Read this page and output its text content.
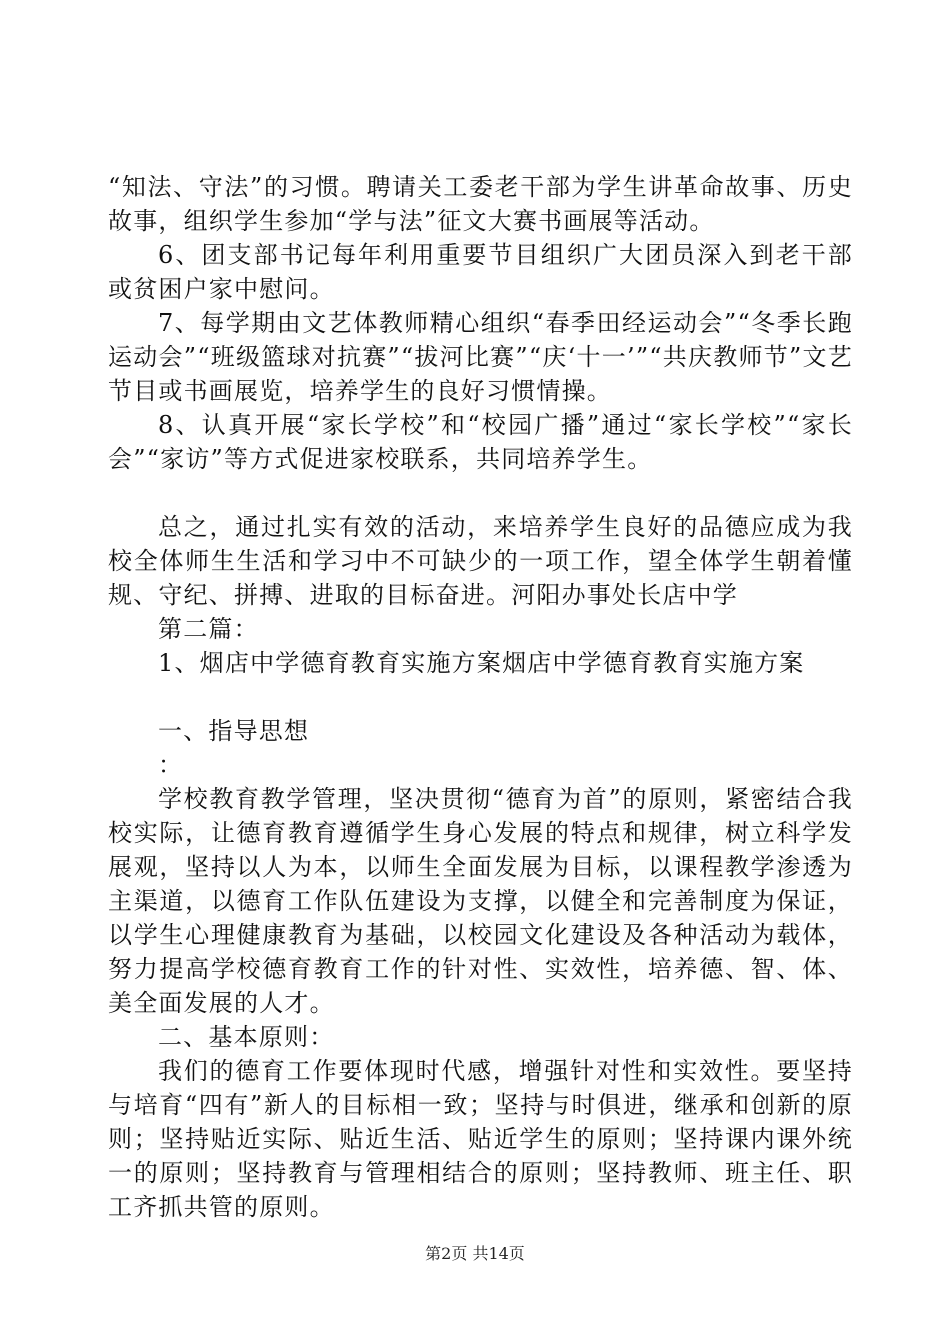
“知法、守法”的习惯。聘请关工委老干部为学生讲革命故事、历史故事，组织学生参加“学与法”征文大赛书画展等活动。

6、团支部书记每年利用重要节目组织广大团员深入到老干部或贫困户家中慰问。

7、每学期由文艺体教师精心组织“春季田经运动会”“冬季长跑运动会”“班级篮球对抗赛”“拔河比赛”“庆‘十一’”“共庆教师节”文艺节目或书画展览，培养学生的良好习惯情操。

8、认真开展“家长学校”和“校园广播”通过“家长学校”“家长会”“家访”等方式促进家校联系，共同培养学生。

总之，通过扎实有效的活动，来培养学生良好的品德应成为我校全体师生生活和学习中不可缺少的一项工作，望全体学生朝着懂规、守纪、拼搏、进取的目标奋进。河阳办事处长店中学

第二篇：

1、烟店中学德育教育实施方案烟店中学德育教育实施方案

一、指导思想

：

学校教育教学管理，坚决贯彻“德育为首”的原则，紧密结合我校实际，让德育教育遵循学生身心发展的特点和规律，树立科学发展观，坚持以人为本，以师生全面发展为目标，以课程教学渗透为主渠道，以德育工作队伍建设为支撑，以健全和完善制度为保证，以学生心理健康教育为基础，以校园文化建设及各种活动为载体，努力提高学校德育教育工作的针对性、实效性，培养德、智、体、美全面发展的人才。

二、基本原则：

我们的德育工作要体现时代感，增强针对性和实效性。要坚持与培育“四有”新人的目标相一致；坚持与时俱进，继承和创新的原则；坚持贴近实际、贴近生活、贴近学生的原则；坚持课内课外统一的原则；坚持教育与管理相结合的原则；坚持教师、班主任、职工齐抓共管的原则。

第2页 共14页
